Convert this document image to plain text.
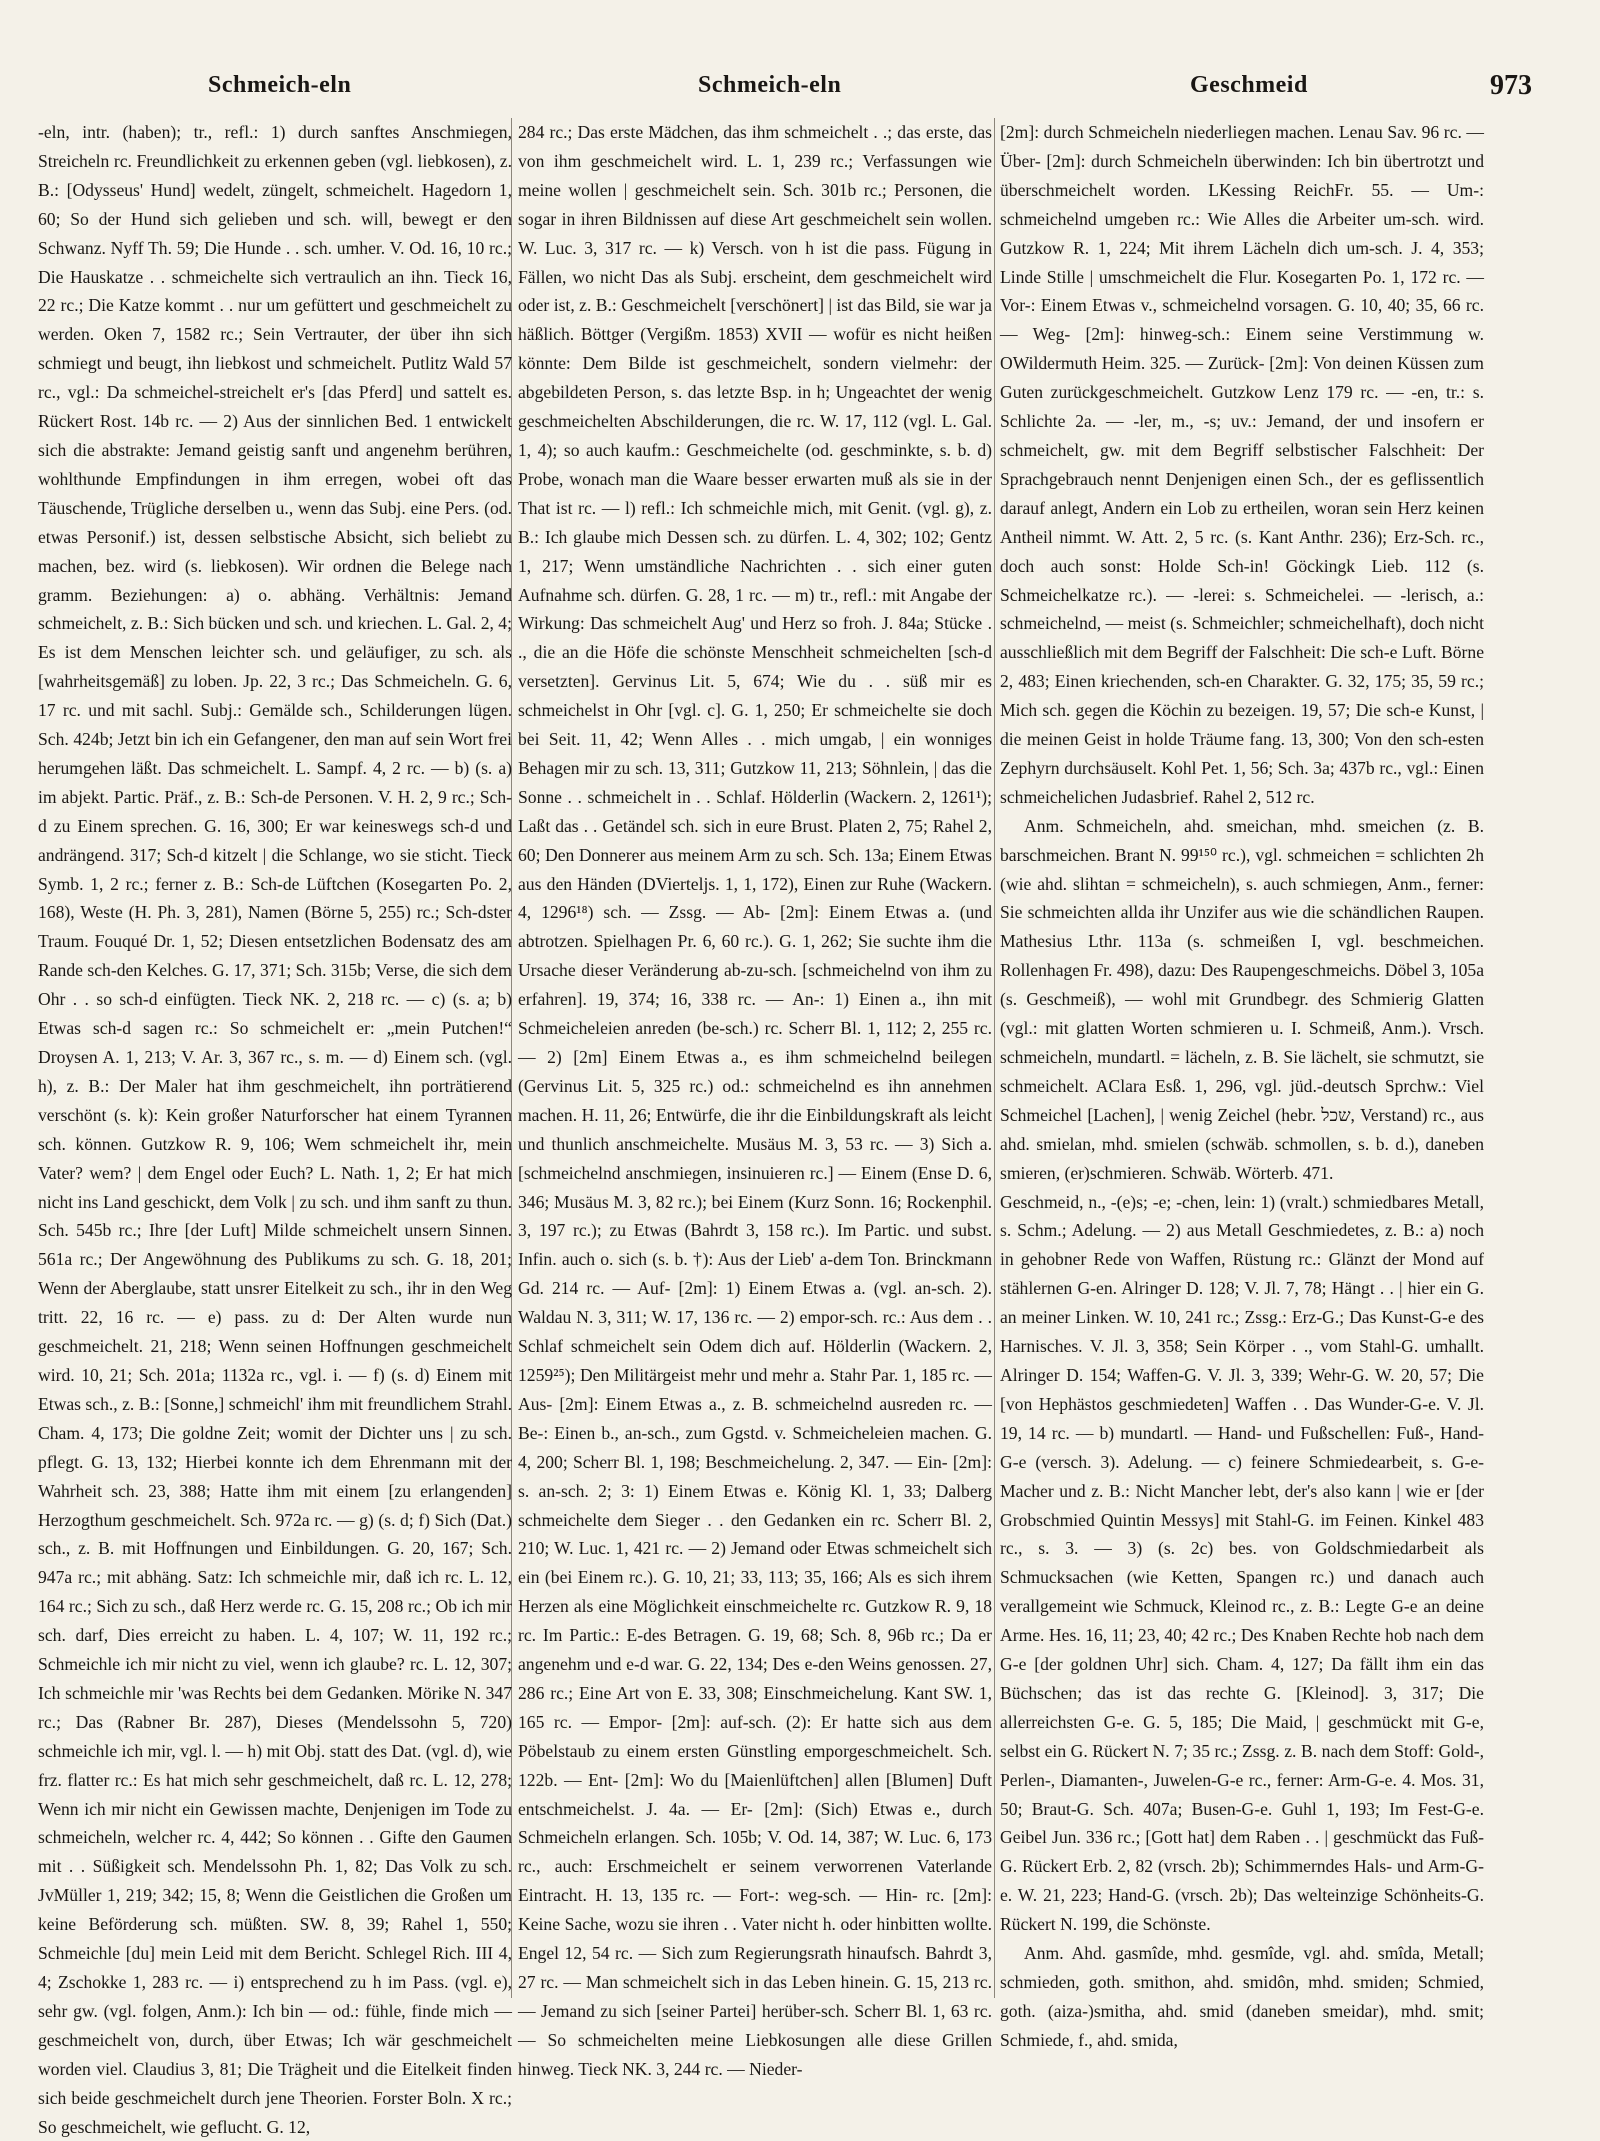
Schmeich-eln	Schmeich-eln	Geschmeid	973

-eln, intr. (haben); tr., refl.: 1) durch sanftes Anschmiegen, Streicheln rc. Freundlichkeit zu erkennen geben (vgl. liebkosen), z. B.: [Odysseus' Hund] wedelt, züngelt, schmeichelt. Hagedorn 1, 60; So der Hund sich gelieben und sch. will, bewegt er den Schwanz. Nyff Th. 59; Die Hunde . . sch. umher. V. Od. 16, 10 rc.; Die Hauskatze . . schmeichelte sich vertraulich an ihn. Tieck 16, 22 rc.; Die Katze kommt . . nur um gefüttert und geschmeichelt zu werden. Oken 7, 1582 rc.; Sein Vertrauter, der über ihn sich schmiegt und beugt, ihn liebkost und schmeichelt. Putlitz Wald 57 rc., vgl.: Da schmeichel-streichelt er's [das Pferd] und sattelt es. Rückert Rost. 14b rc. — 2) Aus der sinnlichen Bed. 1 entwickelt sich die abstrakte: Jemand geistig sanft und angenehm berühren, wohlthunde Empfindungen in ihm erregen, wobei oft das Täuschende, Trügliche derselben u., wenn das Subj. eine Pers. (od. etwas Personif.) ist, dessen selbstische Absicht, sich beliebt zu machen, bez. wird (s. liebkosen). Wir ordnen die Belege nach gramm. Beziehungen: a) o. abhäng. Verhältnis: Jemand schmeichelt, z. B.: Sich bücken und sch. und kriechen. L. Gal. 2, 4; Es ist dem Menschen leichter sch. und geläufiger, zu sch. als [wahrheitsgemäß] zu loben. Jp. 22, 3 rc.; Das Schmeicheln. G. 6, 17 rc. und mit sachl. Subj.: Gemälde sch., Schilderungen lügen. Sch. 424b; Jetzt bin ich ein Gefangener, den man auf sein Wort frei herumgehen läßt. Das schmeichelt. L. Sampf. 4, 2 rc. — b) (s. a) im abjekt. Partic. Präf., z. B.: Sch-de Personen. V. H. 2, 9 rc.; Sch-d zu Einem sprechen. G. 16, 300; Er war keineswegs sch-d und andrängend. 317; Sch-d kitzelt | die Schlange, wo sie sticht. Tieck Symb. 1, 2 rc.; ferner z. B.: Sch-de Lüftchen (Kosegarten Po. 2, 168), Weste (H. Ph. 3, 281), Namen (Börne 5, 255) rc.; Sch-dster Traum. Fouqué Dr. 1, 52; Diesen entsetzlichen Bodensatz des am Rande sch-den Kelches. G. 17, 371; Sch. 315b; Verse, die sich dem Ohr . . so sch-d einfügten. Tieck NK. 2, 218 rc. — c) (s. a; b) Etwas sch-d sagen rc.: So schmeichelt er: „mein Putchen!“ Droysen A. 1, 213; V. Ar. 3, 367 rc., s. m. — d) Einem sch. (vgl. h), z. B.: Der Maler hat ihm geschmeichelt, ihn porträtierend verschönt (s. k): Kein großer Naturforscher hat einem Tyrannen sch. können. Gutzkow R. 9, 106; Wem schmeichelt ihr, mein Vater? wem? | dem Engel oder Euch? L. Nath. 1, 2; Er hat mich nicht ins Land geschickt, dem Volk | zu sch. und ihm sanft zu thun. Sch. 545b rc.; Ihre [der Luft] Milde schmeichelt unsern Sinnen. 561a rc.; Der Angewöhnung des Publikums zu sch. G. 18, 201; Wenn der Aberglaube, statt unsrer Eitelkeit zu sch., ihr in den Weg tritt. 22, 16 rc. — e) pass. zu d: Der Alten wurde nun geschmeichelt. 21, 218; Wenn seinen Hoffnungen geschmeichelt wird. 10, 21; Sch. 201a; 1132a rc., vgl. i. — f) (s. d) Einem mit Etwas sch., z. B.: [Sonne,] schmeichl' ihm mit freundlichem Strahl. Cham. 4, 173; Die goldne Zeit; womit der Dichter uns | zu sch. pflegt. G. 13, 132; Hierbei konnte ich dem Ehrenmann mit der Wahrheit sch. 23, 388; Hatte ihm mit einem [zu erlangenden] Herzogthum geschmeichelt. Sch. 972a rc. — g) (s. d; f) Sich (Dat.) sch., z. B. mit Hoffnungen und Einbildungen. G. 20, 167; Sch. 947a rc.; mit abhäng. Satz: Ich schmeichle mir, daß ich rc. L. 12, 164 rc.; Sich zu sch., daß Herz werde rc. G. 15, 208 rc.; Ob ich mir sch. darf, Dies erreicht zu haben. L. 4, 107; W. 11, 192 rc.; Schmeichle ich mir nicht zu viel, wenn ich glaube? rc. L. 12, 307; Ich schmeichle mir 'was Rechts bei dem Gedanken. Mörike N. 347 rc.; Das (Rabner Br. 287), Dieses (Mendelssohn 5, 720) schmeichle ich mir, vgl. l. — h) mit Obj. statt des Dat. (vgl. d), wie frz. flatter rc.: Es hat mich sehr geschmeichelt, daß rc. L. 12, 278; Wenn ich mir nicht ein Gewissen machte, Denjenigen im Tode zu schmeicheln, welcher rc. 4, 442; So können . . Gifte den Gaumen mit . . Süßigkeit sch. Mendelssohn Ph. 1, 82; Das Volk zu sch. JvMüller 1, 219; 342; 15, 8; Wenn die Geistlichen die Großen um keine Beförderung sch. müßten. SW. 8, 39; Rahel 1, 550; Schmeichle [du] mein Leid mit dem Bericht. Schlegel Rich. III 4, 4; Zschokke 1, 283 rc. — i) entsprechend zu h im Pass. (vgl. e), sehr gw. (vgl. folgen, Anm.): Ich bin — od.: fühle, finde mich — geschmeichelt von, durch, über Etwas; Ich wär geschmeichelt worden viel. Claudius 3, 81; Die Trägheit und die Eitelkeit finden sich beide geschmeichelt durch jene Theorien. Forster Boln. X rc.; So geschmeichelt, wie geflucht. G. 12,

284 rc.; Das erste Mädchen, das ihm schmeichelt . .; das erste, das von ihm geschmeichelt wird. L. 1, 239 rc.; Verfassungen wie meine wollen | geschmeichelt sein. Sch. 301b rc.; Personen, die sogar in ihren Bildnissen auf diese Art geschmeichelt sein wollen. W. Luc. 3, 317 rc. — k) Versch. von h ist die pass. Fügung in Fällen, wo nicht Das als Subj. erscheint, dem geschmeichelt wird oder ist, z. B.: Geschmeichelt [verschönert] | ist das Bild, sie war ja häßlich. Böttger (Vergißm. 1853) XVII — wofür es nicht heißen könnte: Dem Bilde ist geschmeichelt, sondern vielmehr: der abgebildeten Person, s. das letzte Bsp. in h; Ungeachtet der wenig geschmeichelten Abschilderungen, die rc. W. 17, 112 (vgl. L. Gal. 1, 4); so auch kaufm.: Geschmeichelte (od. geschminkte, s. b. d) Probe, wonach man die Waare besser erwarten muß als sie in der That ist rc. — l) refl.: Ich schmeichle mich, mit Genit. (vgl. g), z. B.: Ich glaube mich Dessen sch. zu dürfen. L. 4, 302; 102; Gentz 1, 217; Wenn umständliche Nachrichten . . sich einer guten Aufnahme sch. dürfen. G. 28, 1 rc. — m) tr., refl.: mit Angabe der Wirkung: Das schmeichelt Aug' und Herz so froh. J. 84a; Stücke . ., die an die Höfe die schönste Menschheit schmeichelten [sch-d versetzten]. Gervinus Lit. 5, 674; Wie du . . süß mir es schmeichelst in Ohr [vgl. c]. G. 1, 250; Er schmeichelte sie doch bei Seit. 11, 42; Wenn Alles . . mich umgab, | ein wonniges Behagen mir zu sch. 13, 311; Gutzkow 11, 213; Söhnlein, | das die Sonne . . schmeichelt in . . Schlaf. Hölderlin (Wackern. 2, 1261¹); Laßt das . . Getändel sch. sich in eure Brust. Platen 2, 75; Rahel 2, 60; Den Donnerer aus meinem Arm zu sch. Sch. 13a; Einem Etwas aus den Händen (DVierteljs. 1, 1, 172), Einen zur Ruhe (Wackern. 4, 1296¹⁸) sch. — Zssg. — Ab- [2m]: Einem Etwas a. (und abtrotzen. Spielhagen Pr. 6, 60 rc.). G. 1, 262; Sie suchte ihm die Ursache dieser Veränderung ab-zu-sch. [schmeichelnd von ihm zu erfahren]. 19, 374; 16, 338 rc. — An-: 1) Einen a., ihn mit Schmeicheleien anreden (be-sch.) rc. Scherr Bl. 1, 112; 2, 255 rc. — 2) [2m] Einem Etwas a., es ihm schmeichelnd beilegen (Gervinus Lit. 5, 325 rc.) od.: schmeichelnd es ihn annehmen machen. H. 11, 26; Entwürfe, die ihr die Einbildungskraft als leicht und thunlich anschmeichelte. Musäus M. 3, 53 rc. — 3) Sich a. [schmeichelnd anschmiegen, insinuieren rc.] — Einem (Ense D. 6, 346; Musäus M. 3, 82 rc.); bei Einem (Kurz Sonn. 16; Rockenphil. 3, 197 rc.); zu Etwas (Bahrdt 3, 158 rc.). Im Partic. und subst. Infin. auch o. sich (s. b. †): Aus der Lieb' a-dem Ton. Brinckmann Gd. 214 rc. — Auf- [2m]: 1) Einem Etwas a. (vgl. an-sch. 2). Waldau N. 3, 311; W. 17, 136 rc. — 2) empor-sch. rc.: Aus dem . . Schlaf schmeichelt sein Odem dich auf. Hölderlin (Wackern. 2, 1259²⁵); Den Militärgeist mehr und mehr a. Stahr Par. 1, 185 rc. — Aus- [2m]: Einem Etwas a., z. B. schmeichelnd ausreden rc. — Be-: Einen b., an-sch., zum Ggstd. v. Schmeicheleien machen. G. 4, 200; Scherr Bl. 1, 198; Beschmeichelung. 2, 347. — Ein- [2m]: s. an-sch. 2; 3: 1) Einem Etwas e. König Kl. 1, 33; Dalberg schmeichelte dem Sieger . . den Gedanken ein rc. Scherr Bl. 2, 210; W. Luc. 1, 421 rc. — 2) Jemand oder Etwas schmeichelt sich ein (bei Einem rc.). G. 10, 21; 33, 113; 35, 166; Als es sich ihrem Herzen als eine Möglichkeit einschmeichelte rc. Gutzkow R. 9, 18 rc. Im Partic.: E-des Betragen. G. 19, 68; Sch. 8, 96b rc.; Da er angenehm und e-d war. G. 22, 134; Des e-den Weins genossen. 27, 286 rc.; Eine Art von E. 33, 308; Einschmeichelung. Kant SW. 1, 165 rc. — Empor- [2m]: auf-sch. (2): Er hatte sich aus dem Pöbelstaub zu einem ersten Günstling emporgeschmeichelt. Sch. 122b. — Ent- [2m]: Wo du [Maienlüftchen] allen [Blumen] Duft entschmeichelst. J. 4a. — Er- [2m]: (Sich) Etwas e., durch Schmeicheln erlangen. Sch. 105b; V. Od. 14, 387; W. Luc. 6, 173 rc., auch: Erschmeichelt er seinem verworrenen Vaterlande Eintracht. H. 13, 135 rc. — Fort-: weg-sch. — Hin- rc. [2m]: Keine Sache, wozu sie ihren . . Vater nicht h. oder hinbitten wollte. Engel 12, 54 rc. — Sich zum Regierungsrath hinaufsch. Bahrdt 3, 27 rc. — Man schmeichelt sich in das Leben hinein. G. 15, 213 rc. — Jemand zu sich [seiner Partei] herüber-sch. Scherr Bl. 1, 63 rc. — So schmeichelten meine Liebkosungen alle diese Grillen hinweg. Tieck NK. 3, 244 rc. — Nieder-

[2m]: durch Schmeicheln niederliegen machen. Lenau Sav. 96 rc. — Über- [2m]: durch Schmeicheln überwinden: Ich bin übertrotzt und überschmeichelt worden. LKessing ReichFr. 55. — Um-: schmeichelnd umgeben rc.: Wie Alles die Arbeiter um-sch. wird. Gutzkow R. 1, 224; Mit ihrem Lächeln dich um-sch. J. 4, 353; Linde Stille | umschmeichelt die Flur. Kosegarten Po. 1, 172 rc. — Vor-: Einem Etwas v., schmeichelnd vorsagen. G. 10, 40; 35, 66 rc. — Weg- [2m]: hinweg-sch.: Einem seine Verstimmung w. OWildermuth Heim. 325. — Zurück- [2m]: Von deinen Küssen zum Guten zurückgeschmeichelt. Gutzkow Lenz 179 rc. — -en, tr.: s. Schlichte 2a. — -ler, m., -s; uv.: Jemand, der und insofern er schmeichelt, gw. mit dem Begriff selbstischer Falschheit: Der Sprachgebrauch nennt Denjenigen einen Sch., der es geflissentlich darauf anlegt, Andern ein Lob zu ertheilen, woran sein Herz keinen Antheil nimmt. W. Att. 2, 5 rc. (s. Kant Anthr. 236); Erz-Sch. rc., doch auch sonst: Holde Sch-in! Göckingk Lieb. 112 (s. Schmeichelkatze rc.). — -lerei: s. Schmeichelei. — -lerisch, a.: schmeichelnd, — meist (s. Schmeichler; schmeichelhaft), doch nicht ausschließlich mit dem Begriff der Falschheit: Die sch-e Luft. Börne 2, 483; Einen kriechenden, sch-en Charakter. G. 32, 175; 35, 59 rc.; Mich sch. gegen die Köchin zu bezeigen. 19, 57; Die sch-e Kunst, | die meinen Geist in holde Träume fang. 13, 300; Von den sch-esten Zephyrn durchsäuselt. Kohl Pet. 1, 56; Sch. 3a; 437b rc., vgl.: Einen schmeichelichen Judasbrief. Rahel 2, 512 rc.

Anm. Schmeicheln, ahd. smeichan, mhd. smeichen (z. B. barschmeichen. Brant N. 99¹⁵⁰ rc.), vgl. schmeichen = schlichten 2h (wie ahd. slihtan = schmeicheln), s. auch schmiegen, Anm., ferner: Sie schmeichten allda ihr Unzifer aus wie die schändlichen Raupen. Mathesius Lthr. 113a (s. schmeißen I, vgl. beschmeichen. Rollenhagen Fr. 498), dazu: Des Raupengeschmeichs. Döbel 3, 105a (s. Geschmeiß), — wohl mit Grundbegr. des Schmierig Glatten (vgl.: mit glatten Worten schmieren u. I. Schmeiß, Anm.). Vrsch. schmeicheln, mundartl. = lächeln, z. B. Sie lächelt, sie schmutzt, sie schmeichelt. AClara Esß. 1, 296, vgl. jüd.-deutsch Sprchw.: Viel Schmeichel [Lachen], | wenig Zeichel (hebr. שכל, Verstand) rc., aus ahd. smielan, mhd. smielen (schwäb. schmollen, s. b. d.), daneben smieren, (er)schmieren. Schwäb. Wörterb. 471.

Geschmeid, n., -(e)s; -e; -chen, lein: 1) (vralt.) schmiedbares Metall, s. Schm.; Adelung. — 2) aus Metall Geschmiedetes, z. B.: a) noch in gehobner Rede von Waffen, Rüstung rc.: Glänzt der Mond auf stählernen G-en. Alringer D. 128; V. Jl. 7, 78; Hängt . . | hier ein G. an meiner Linken. W. 10, 241 rc.; Zssg.: Erz-G.; Das Kunst-G-e des Harnisches. V. Jl. 3, 358; Sein Körper . ., vom Stahl-G. umhallt. Alringer D. 154; Waffen-G. V. Jl. 3, 339; Wehr-G. W. 20, 57; Die [von Hephästos geschmiedeten] Waffen . . Das Wunder-G-e. V. Jl. 19, 14 rc. — b) mundartl. — Hand- und Fußschellen: Fuß-, Hand-G-e (versch. 3). Adelung. — c) feinere Schmiedearbeit, s. G-e-Macher und z. B.: Nicht Mancher lebt, der's also kann | wie er [der Grobschmied Quintin Messys] mit Stahl-G. im Feinen. Kinkel 483 rc., s. 3. — 3) (s. 2c) bes. von Goldschmiedarbeit als Schmucksachen (wie Ketten, Spangen rc.) und danach auch verallgemeint wie Schmuck, Kleinod rc., z. B.: Legte G-e an deine Arme. Hes. 16, 11; 23, 40; 42 rc.; Des Knaben Rechte hob nach dem G-e [der goldnen Uhr] sich. Cham. 4, 127; Da fällt ihm ein das Büchschen; das ist das rechte G. [Kleinod]. 3, 317; Die allerreichsten G-e. G. 5, 185; Die Maid, | geschmückt mit G-e, selbst ein G. Rückert N. 7; 35 rc.; Zssg. z. B. nach dem Stoff: Gold-, Perlen-, Diamanten-, Juwelen-G-e rc., ferner: Arm-G-e. 4. Mos. 31, 50; Braut-G. Sch. 407a; Busen-G-e. Guhl 1, 193; Im Fest-G-e. Geibel Jun. 336 rc.; [Gott hat] dem Raben . . | geschmückt das Fuß-G. Rückert Erb. 2, 82 (vrsch. 2b); Schimmerndes Hals- und Arm-G-e. W. 21, 223; Hand-G. (vrsch. 2b); Das welteinzige Schönheits-G. Rückert N. 199, die Schönste.

Anm. Ahd. gasmîde, mhd. gesmîde, vgl. ahd. smîda, Metall; schmieden, goth. smithon, ahd. smidôn, mhd. smiden; Schmied, goth. (aiza-)smitha, ahd. smid (daneben smeidar), mhd. smit; Schmiede, f., ahd. smida,
